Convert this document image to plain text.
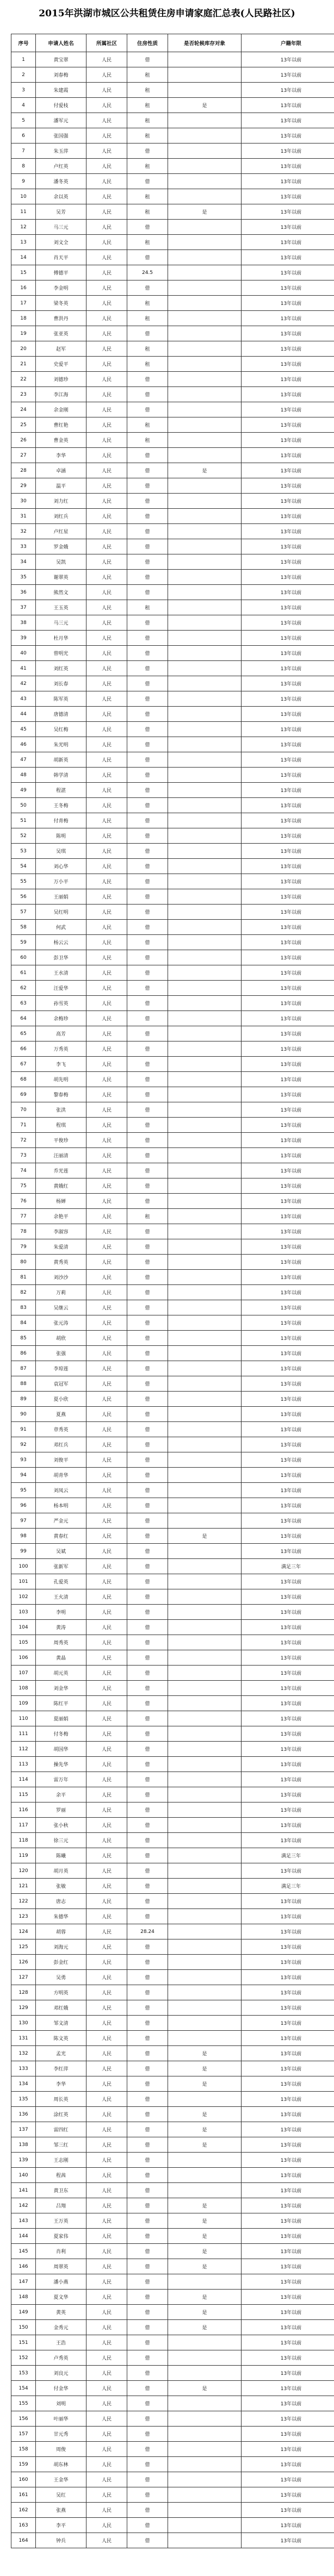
2015年洪湖市城区公共租赁住房申请家庭汇总表(人民路社区)
序号	申请人姓名	所属社区	住房性质	是否轮候库存对象	户籍年限
1	黄宝翠	人民	借		13年以前
2	刘春梅	人民	租		13年以前
3	朱建霞	人民	租		13年以前
4	付爱枝	人民	租	是	13年以前
5	潘军元	人民	租		13年以前
6	张国强	人民	租		13年以前
7	朱玉萍	人民	借		13年以前
8	卢红英	人民	租		13年以前
9	潘冬英	人民	借		13年以前
10	余以英	人民	租		13年以前
11	吴芳	人民	租	是	13年以前
12	马三元	人民	借		13年以前
13	刘文全	人民	租		13年以前
14	肖天平	人民	借		13年以前
15	傅德平	人民	24.5		13年以前
16	李金明	人民	借		13年以前
17	梁冬英	人民	租		13年以前
18	曹洪丹	人民	租		13年以前
19	张亚英	人民	借		13年以前
20	赵军	人民	租		13年以前
21	史爱平	人民	租		13年以前
22	刘德珍	人民	借		13年以前
23	李江海	人民	借		13年以前
24	余金刚	人民	借		13年以前
25	曹红艳	人民	租		13年以前
26	曹金英	人民	租		13年以前
27	李华	人民	借		13年以前
28	卓涵	人民	借	是	13年以前
29	温平	人民	借		13年以前
30	刘力红	人民	借		13年以前
31	刘红兵	人民	借		13年以前
32	卢红星	人民	借		13年以前
33	罗金娥	人民	借		13年以前
34	吴凯	人民	借		13年以前
35	谢翠英	人民	借		13年以前
36	熊然文	人民	借		13年以前
37	王玉英	人民	租		13年以前
38	马三元	人民	借		13年以前
39	杜月华	人民	借		13年以前
40	曾明光	人民	借		13年以前
41	刘红英	人民	借		13年以前
42	刘长春	人民	借		13年以前
43	陈军英	人民	借		13年以前
44	唐德清	人民	借		13年以前
45	吴红梅	人民	借		13年以前
46	朱光明	人民	借		13年以前
47	胡新英	人民	借		13年以前
48	韩学清	人民	借		13年以前
49	程湛	人民	借		13年以前
50	王冬梅	人民	借		13年以前
51	付青梅	人民	借		13年以前
52	陈明	人民	借		13年以前
53	吴琪	人民	借		13年以前
54	刘心华	人民	借		13年以前
55	万小平	人民	借		13年以前
56	王丽娟	人民	借		13年以前
57	吴红明	人民	借		13年以前
58	何武	人民	借		13年以前
59	杨云云	人民	借		13年以前
60	彭卫华	人民	借		13年以前
61	王水清	人民	借		13年以前
62	汪爱华	人民	借		13年以前
63	孙雪英	人民	借		13年以前
64	余梅珍	人民	借		13年以前
65	高芳	人民	借		13年以前
66	万秀英	人民	借		13年以前
67	李飞	人民	借		13年以前
68	胡先明	人民	借		13年以前
69	黎春梅	人民	借		13年以前
70	张洪	人民	借		13年以前
71	程琪	人民	借		13年以前
72	平俊珍	人民	借		13年以前
73	汪丽清	人民	借		13年以前
74	乔光莲	人民	借		13年以前
75	黄娥红	人民	借		13年以前
76	杨婵	人民	借		13年以前
77	余艳平	人民	租		13年以前
78	李淑容	人民	借		13年以前
79	朱爱清	人民	借		13年以前
80	黄秀英	人民	借		13年以前
81	刘沙沙	人民	借		13年以前
82	万莉	人民	借		13年以前
83	吴继云	人民	借		13年以前
84	张元涛	人民	借		13年以前
85	胡欣	人民	借		13年以前
86	张强	人民	借		13年以前
87	李琼莲	人民	借		13年以前
88	袁冠军	人民	借		13年以前
89	夏小欣	人民	借		13年以前
90	夏燕	人民	借		13年以前
91	章秀英	人民	借		13年以前
92	邓红兵	人民	借		13年以前
93	刘俊平	人民	借		13年以前
94	胡青华	人民	借		13年以前
95	刘凤云	人民	借		13年以前
96	杨本明	人民	借		13年以前
97	严金元	人民	借		13年以前
98	黄春红	人民	借	是	13年以前
99	吴斌	人民	借		13年以前
100	张新军	人民	借		满足三年
101	孔爱英	人民	借		13年以前
102	王火清	人民	借		13年以前
103	李明	人民	借		13年以前
104	黄涛	人民	借		13年以前
105	周秀英	人民	借		13年以前
106	黄晶	人民	借		13年以前
107	胡元英	人民	借		13年以前
108	刘金华	人民	借		13年以前
109	陈红平	人民	借		13年以前
110	夏丽娟	人民	借		13年以前
111	付冬梅	人民	借		13年以前
112	胡国华	人民	借		13年以前
113	操先华	人民	借		13年以前
114	雷万年	人民	借		13年以前
115	余平	人民	借		13年以前
116	罗丽	人民	借		13年以前
117	张小秋	人民	借		13年以前
118	徐三元	人民	借		13年以前
119	陈曦	人民	借		满足三年
120	胡月英	人民	借		13年以前
121	张敏	人民	借		满足三年
122	唐志	人民	借		13年以前
123	朱德华	人民	借		13年以前
124	胡蓉	人民	28.24		13年以前
125	刘海元	人民	借		13年以前
126	彭金红	人民	借		13年以前
127	吴勇	人民	借		13年以前
128	方明英	人民	借		13年以前
129	邓红娥	人民	借		13年以前
130	邹文清	人民	借		13年以前
131	陈文英	人民	借		13年以前
132	孟光	人民	借	是	13年以前
133	李红萍	人民	借	是	13年以前
134	李华	人民	借	是	13年以前
135	周长英	人民	借		13年以前
136	涂红英	人民	借	是	13年以前
137	雷四红	人民	借	是	13年以前
138	邹三红	人民	借	是	13年以前
139	王志刚	人民	借		13年以前
140	程茜	人民	借		13年以前
141	黄卫东	人民	借		13年以前
142	吕翔	人民	借	是	13年以前
143	王万英	人民	借	是	13年以前
144	夏家伟	人民	借	是	13年以前
145	肖利	人民	借	是	13年以前
146	周翠英	人民	借	是	13年以前
147	潘小燕	人民	借		13年以前
148	夏文华	人民	借	是	13年以前
149	黄英	人民	借	是	13年以前
150	金秀元	人民	借	是	13年以前
151	王浩	人民	借		13年以前
152	卢秀英	人民	借		13年以前
153	刘良元	人民	借		13年以前
154	付金华	人民	借	是	13年以前
155	刘明	人民	借		13年以前
156	叶丽华	人民	借		13年以前
157	甘元秀	人民	借		13年以前
158	周俊	人民	借		13年以前
159	胡东林	人民	借		13年以前
160	王金华	人民	借		13年以前
161	吴红	人民	借		13年以前
162	张燕	人民	借		13年以前
163	李平	人民	借		13年以前
164	钟兵	人民	借		13年以前
